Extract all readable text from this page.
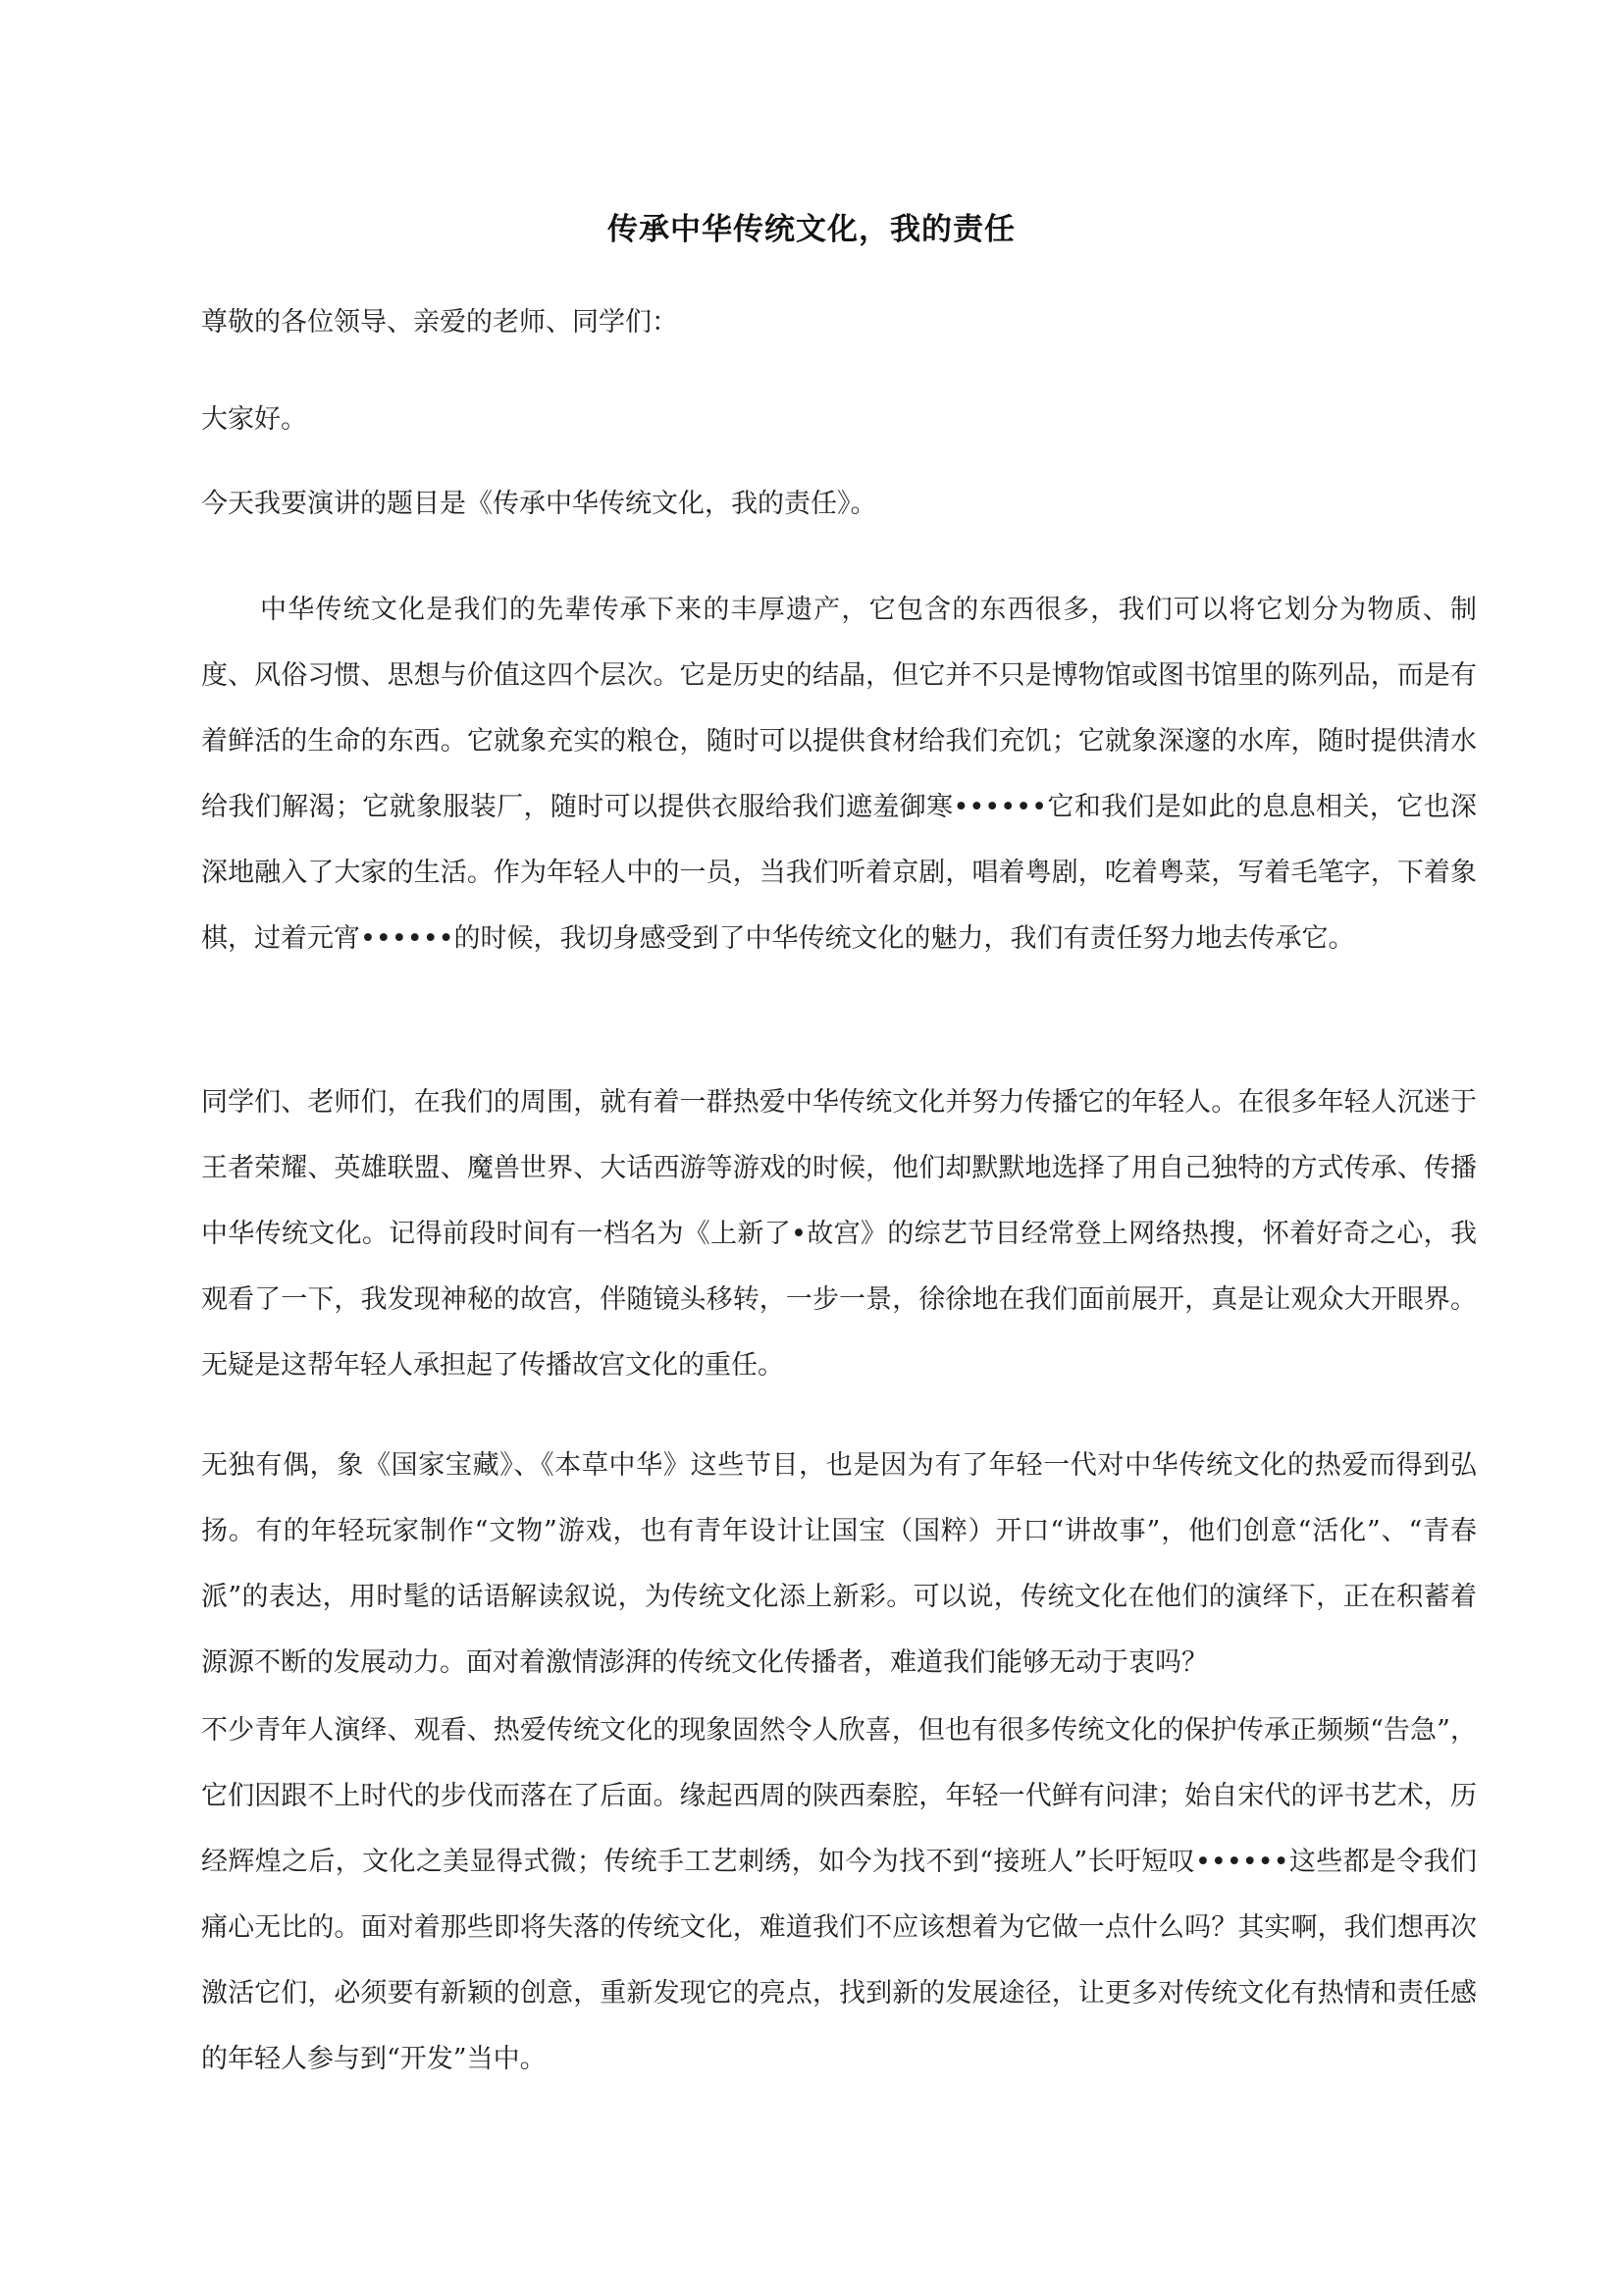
传承中华传统文化，我的责任
尊敬的各位领导、亲爱的老师、同学们：
大家好。
今天我要演讲的题目是《传承中华传统文化，我的责任》。
中华传统文化是我们的先辈传承下来的丰厚遗产，它包含的东西很多，我们可以将它划分为物质、制度、风俗习惯、思想与价值这四个层次。它是历史的结晶，但它并不只是博物馆或图书馆里的陈列品，而是有着鲜活的生命的东西。它就象充实的粮仓，随时可以提供食材给我们充饥；它就象深邃的水库，随时提供清水给我们解渴；它就象服装厂，随时可以提供衣服给我们遮羞御寒••••••它和我们是如此的息息相关，它也深深地融入了大家的生活。作为年轻人中的一员，当我们听着京剧，唱着粤剧，吃着粤菜，写着毛笔字，下着象棋，过着元宵••••••的时候，我切身感受到了中华传统文化的魅力，我们有责任努力地去传承它。
同学们、老师们，在我们的周围，就有着一群热爱中华传统文化并努力传播它的年轻人。在很多年轻人沉迷于王者荣耀、英雄联盟、魔兽世界、大话西游等游戏的时候，他们却默默地选择了用自己独特的方式传承、传播中华传统文化。记得前段时间有一档名为《上新了•故宫》的综艺节目经常登上网络热搜，怀着好奇之心，我观看了一下，我发现神秘的故宫，伴随镜头移转，一步一景，徐徐地在我们面前展开，真是让观众大开眼界。无疑是这帮年轻人承担起了传播故宫文化的重任。
无独有偶，象《国家宝藏》、《本草中华》这些节目，也是因为有了年轻一代对中华传统文化的热爱而得到弘扬。有的年轻玩家制作“文物”游戏，也有青年设计让国宝（国粹）开口“讲故事”，他们创意“活化”、“青春派”的表达，用时髦的话语解读叙说，为传统文化添上新彩。可以说，传统文化在他们的演绎下，正在积蓄着源源不断的发展动力。面对着激情澎湃的传统文化传播者，难道我们能够无动于衷吗？
不少青年人演绎、观看、热爱传统文化的现象固然令人欣喜，但也有很多传统文化的保护传承正频频“告急”，它们因跟不上时代的步伐而落在了后面。缘起西周的陕西秦腔，年轻一代鲜有问津；始自宋代的评书艺术，历经辉煌之后，文化之美显得式微；传统手工艺刺绣，如今为找不到“接班人”长吁短叹••••••这些都是令我们痛心无比的。面对着那些即将失落的传统文化，难道我们不应该想着为它做一点什么吗？其实啊，我们想再次激活它们，必须要有新颖的创意，重新发现它的亮点，找到新的发展途径，让更多对传统文化有热情和责任感的年轻人参与到“开发”当中。
